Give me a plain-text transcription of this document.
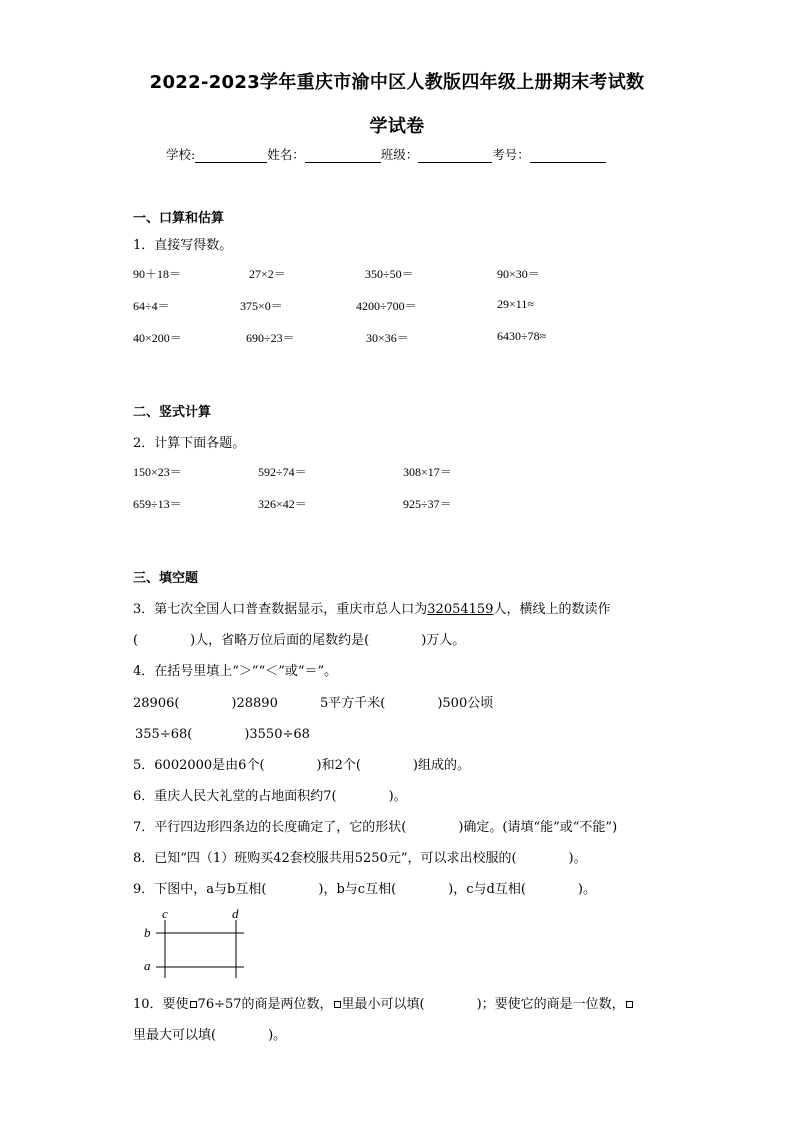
2022-2023学年重庆市渝中区人教版四年级上册期末考试数
学试卷
学校:	姓名：	班级：	考号：
一、口算和估算
1．直接写得数。
90＋18＝	27×2＝	350÷50＝	90×30＝
64÷4＝	375×0＝	4200÷700＝	29×11≈
40×200＝	690÷23＝	30×36＝	6430÷78≈
二、竖式计算
2．计算下面各题。
150×23＝	592÷74＝	308×17＝
659÷13＝	326×42＝	925÷37＝
三、填空题
3．第七次全国人口普查数据显示，重庆市总人口为32054159人，横线上的数读作
(　　　　)人，省略万位后面的尾数约是(　　　　)万人。
4．在括号里填上“＞”“＜”或“＝”。
28906(　　　　)28890	5平方千米(　　　　)500公顷
355÷68(　　　　)3550÷68
5．6002000是由6个(　　　　)和2个(　　　　)组成的。
6．重庆人民大礼堂的占地面积约7(　　　　)。
7．平行四边形四条边的长度确定了，它的形状(　　　　)确定。(请填“能”或“不能”)
8．已知“四（1）班购买42套校服共用5250元”，可以求出校服的(　　　　)。
9．下图中，a与b互相(　　　　)，b与c互相(　　　　)，c与d互相(　　　　)。
c	d
b
a
10．要使 76÷57的商是两位数， 里最小可以填(　　　　)；要使它的商是一位数，
里最大可以填(　　　　)。
